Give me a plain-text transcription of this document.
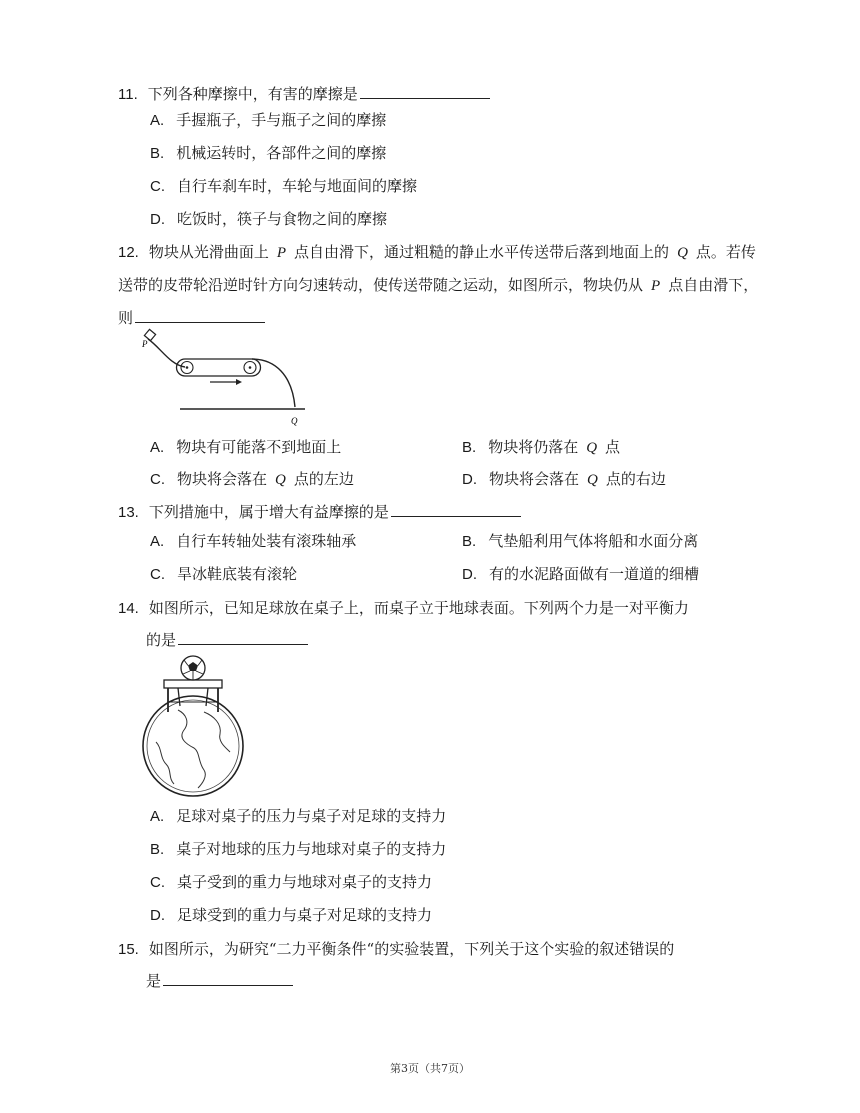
11. 下列各种摩擦中，有害的摩擦是
A. 手握瓶子，手与瓶子之间的摩擦
B. 机械运转时，各部件之间的摩擦
C. 自行车刹车时，车轮与地面间的摩擦
D. 吃饭时，筷子与食物之间的摩擦
12. 物块从光滑曲面上 P 点自由滑下，通过粗糙的静止水平传送带后落到地面上的 Q 点。若传送带的皮带轮沿逆时针方向匀速转动，使传送带随之运动，如图所示，物块仍从 P 点自由滑下，则
P
Q
A. 物块有可能落不到地面上	B. 物块将仍落在 Q 点
C. 物块将会落在 Q 点的左边	D. 物块将会落在 Q 点的右边
13. 下列措施中，属于增大有益摩擦的是
A. 自行车转轴处装有滚珠轴承	B. 气垫船利用气体将船和水面分离
C. 旱冰鞋底装有滚轮	D. 有的水泥路面做有一道道的细槽
14. 如图所示，已知足球放在桌子上，而桌子立于地球表面。下列两个力是一对平衡力
的是
A. 足球对桌子的压力与桌子对足球的支持力
B. 桌子对地球的压力与地球对桌子的支持力
C. 桌子受到的重力与地球对桌子的支持力
D. 足球受到的重力与桌子对足球的支持力
15. 如图所示，为研究“二力平衡条件“的实验装置，下列关于这个实验的叙述错误的
是
第3页（共7页）
